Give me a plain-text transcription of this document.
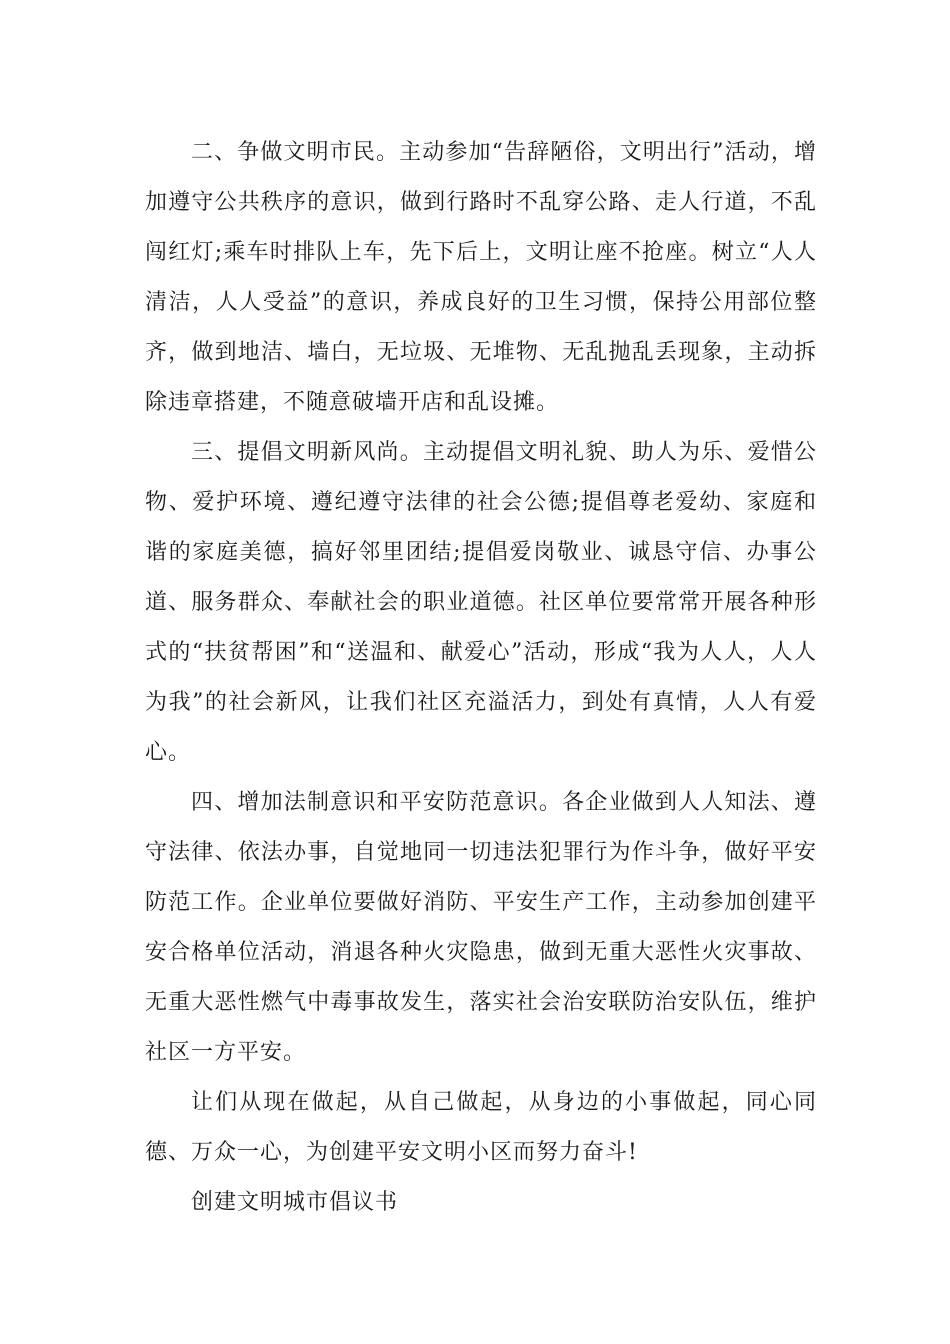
二、争做文明市民。主动参加“告辞陋俗，文明出行”活动，增加遵守公共秩序的意识，做到行路时不乱穿公路、走人行道，不乱闯红灯;乘车时排队上车，先下后上，文明让座不抢座。树立“人人清洁，人人受益”的意识，养成良好的卫生习惯，保持公用部位整齐，做到地洁、墙白，无垃圾、无堆物、无乱抛乱丢现象，主动拆除违章搭建，不随意破墙开店和乱设摊。

三、提倡文明新风尚。主动提倡文明礼貌、助人为乐、爱惜公物、爱护环境、遵纪遵守法律的社会公德;提倡尊老爱幼、家庭和谐的家庭美德，搞好邻里团结;提倡爱岗敬业、诚恳守信、办事公道、服务群众、奉献社会的职业道德。社区单位要常常开展各种形式的“扶贫帮困”和“送温和、献爱心”活动，形成“我为人人，人人为我”的社会新风，让我们社区充溢活力，到处有真情，人人有爱心。

四、增加法制意识和平安防范意识。各企业做到人人知法、遵守法律、依法办事，自觉地同一切违法犯罪行为作斗争，做好平安防范工作。企业单位要做好消防、平安生产工作，主动参加创建平安合格单位活动，消退各种火灾隐患，做到无重大恶性火灾事故、无重大恶性燃气中毒事故发生，落实社会治安联防治安队伍，维护社区一方平安。

让们从现在做起，从自己做起，从身边的小事做起，同心同德、万众一心，为创建平安文明小区而努力奋斗!

创建文明城市倡议书
